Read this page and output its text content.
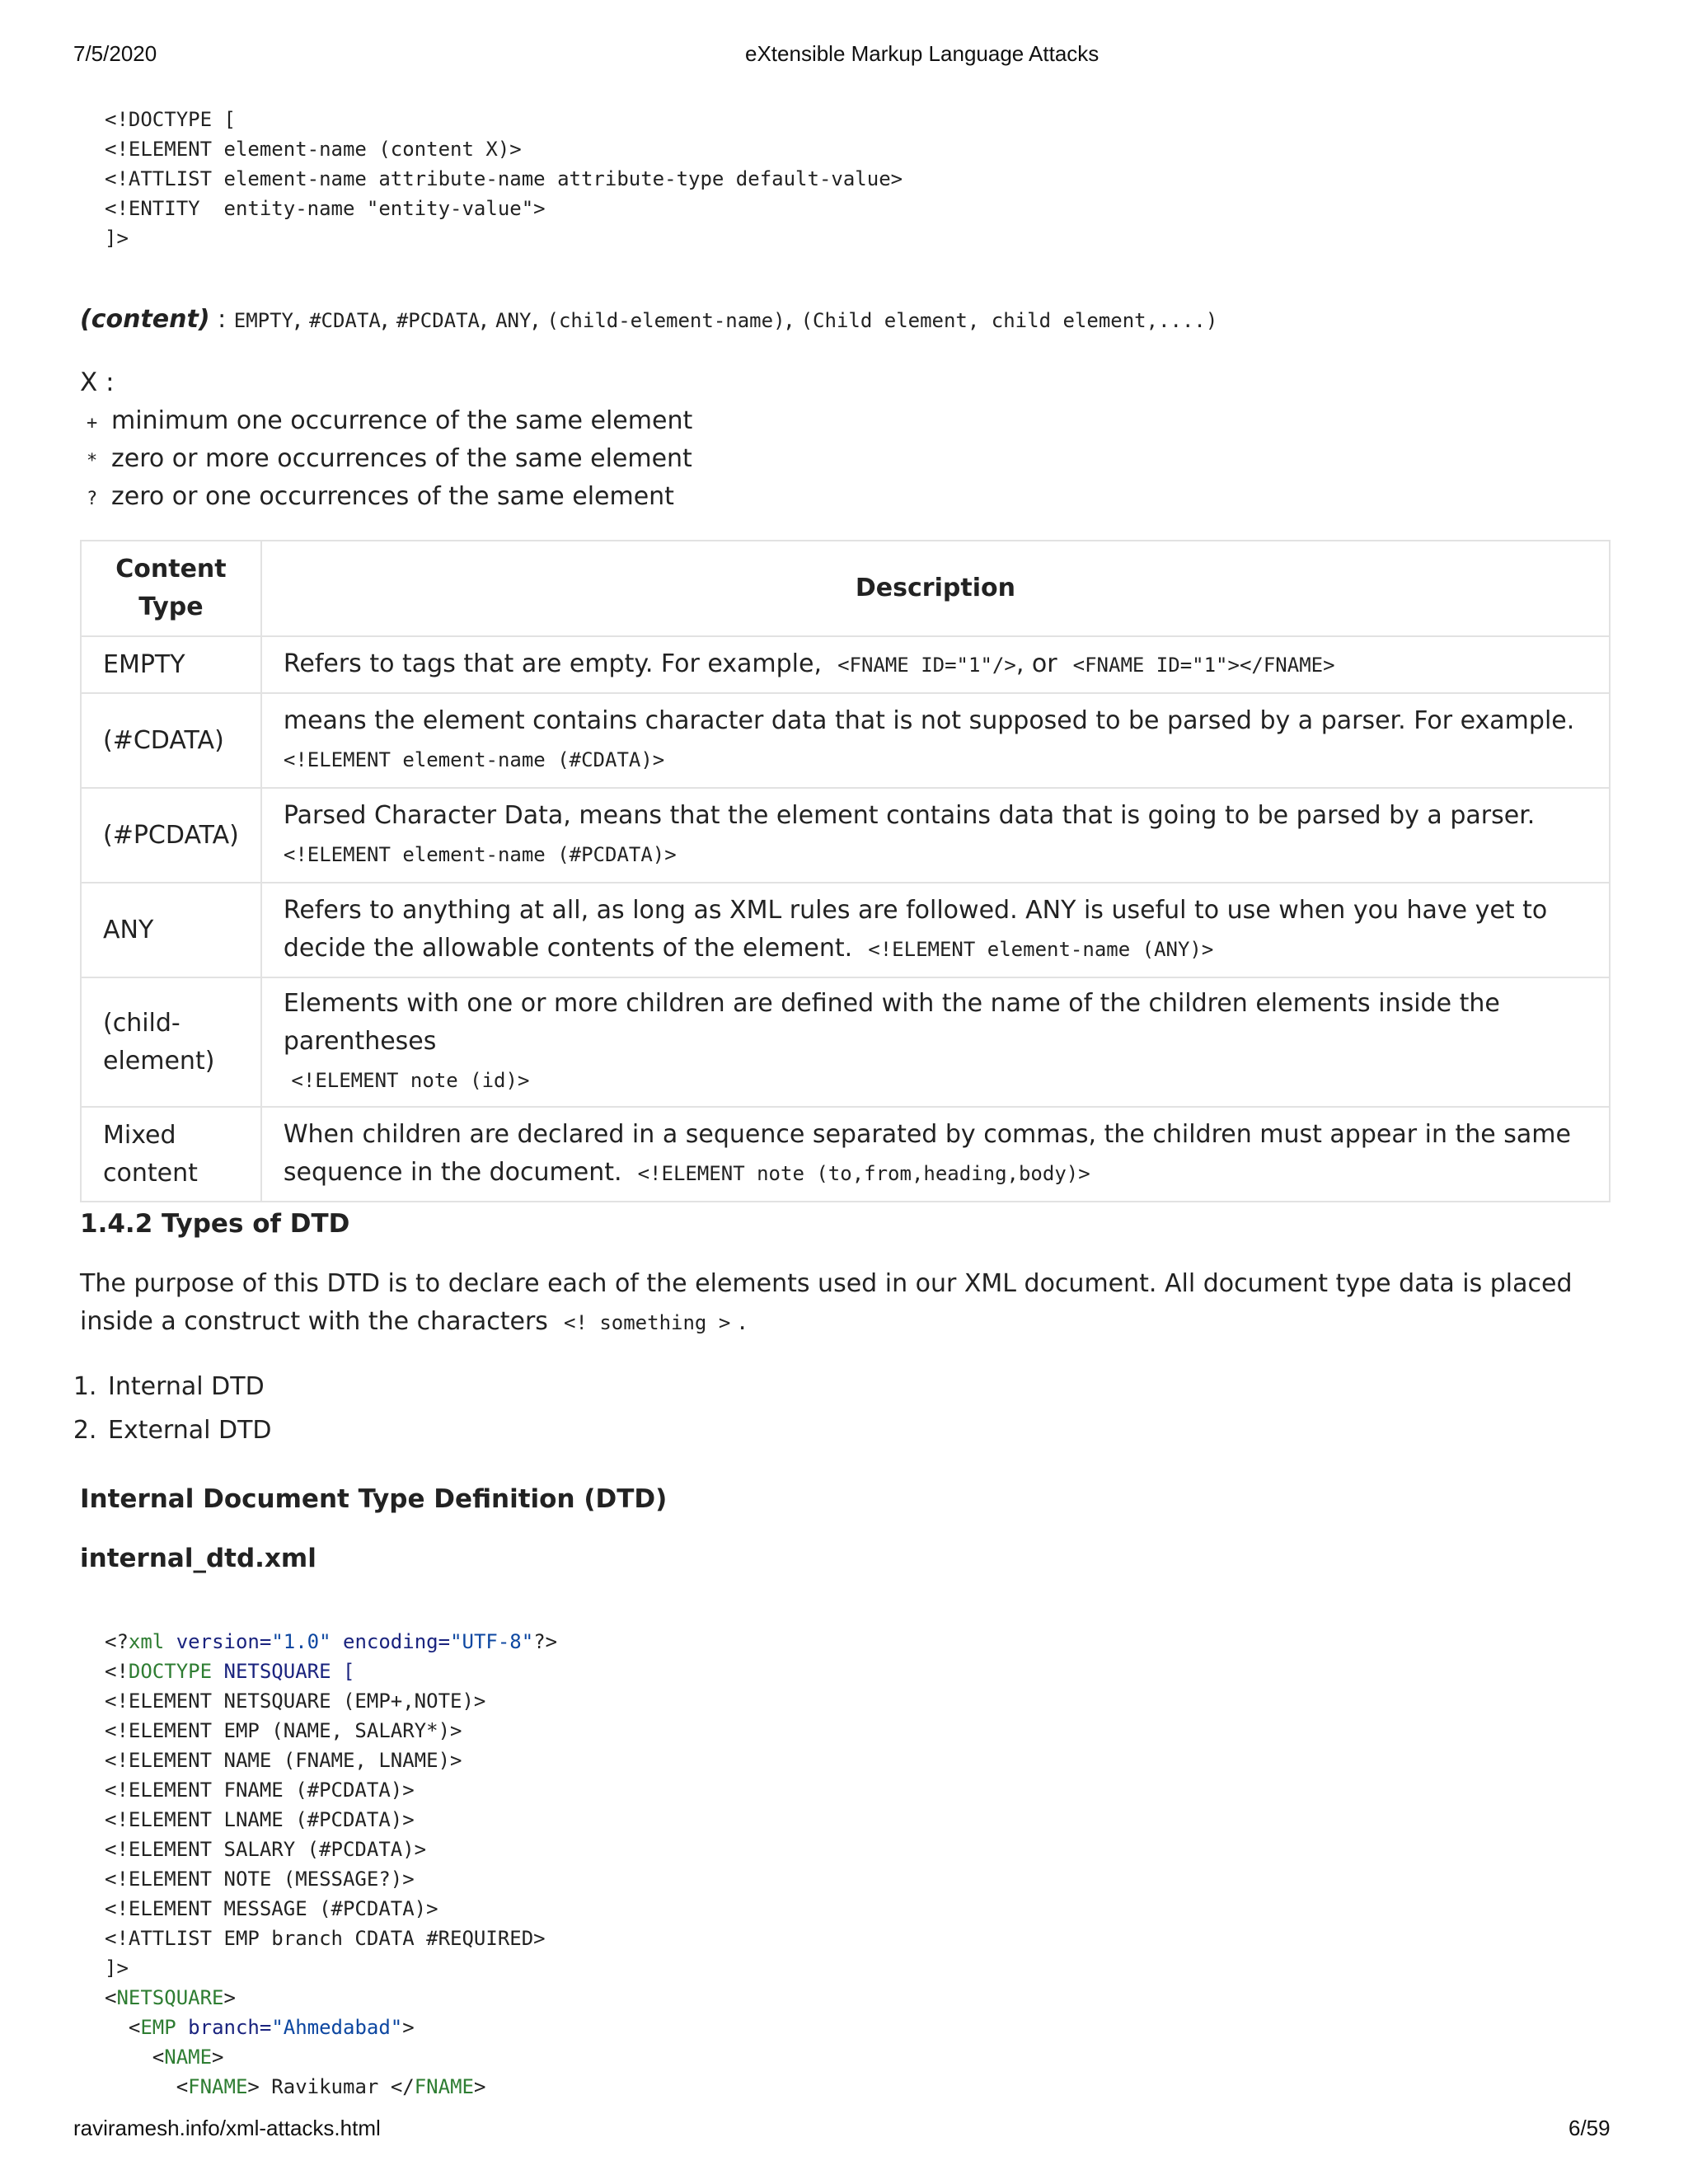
7/5/2020	eXtensible Markup Language Attacks
raviramesh.info/xml-attacks.html	6/59
<!DOCTYPE [
<!ELEMENT element-name (content X)>
<!ATTLIST element-name attribute-name attribute-type default-value>
<!ENTITY  entity-name "entity-value">
]>
(content) : EMPTY, #CDATA, #PCDATA, ANY, (child-element-name), (Child element, child element,....)
X :
+ minimum one occurrence of the same element
* zero or more occurrences of the same element
? zero or one occurrences of the same element
Content Type	Description
EMPTY	Refers to tags that are empty. For example, <FNAME ID="1"/>, or <FNAME ID="1"></FNAME>
(#CDATA)	means the element contains character data that is not supposed to be parsed by a parser. For example.  <!ELEMENT element-name (#CDATA)>
(#PCDATA)	Parsed Character Data, means that the element contains data that is going to be parsed by a parser.  <!ELEMENT element-name (#PCDATA)>
ANY	Refers to anything at all, as long as XML rules are followed. ANY is useful to use when you have yet to decide the allowable contents of the element. <!ELEMENT element-name (ANY)>
(child-element)	Elements with one or more children are defined with the name of the children elements inside the parentheses
<!ELEMENT note (id)>
Mixed content	When children are declared in a sequence separated by commas, the children must appear in the same sequence in the document. <!ELEMENT note (to,from,heading,body)>
1.4.2 Types of DTD
The purpose of this DTD is to declare each of the elements used in our XML document. All document type data is placed inside a construct with the characters <! something > .
1. Internal DTD
2. External DTD
Internal Document Type Definition (DTD)
internal_dtd.xml
<?xml version="1.0" encoding="UTF-8"?>
<!DOCTYPE NETSQUARE [
<!ELEMENT NETSQUARE (EMP+,NOTE)>
<!ELEMENT EMP (NAME, SALARY*)>
<!ELEMENT NAME (FNAME, LNAME)>
<!ELEMENT FNAME (#PCDATA)>
<!ELEMENT LNAME (#PCDATA)>
<!ELEMENT SALARY (#PCDATA)>
<!ELEMENT NOTE (MESSAGE?)>
<!ELEMENT MESSAGE (#PCDATA)>
<!ATTLIST EMP branch CDATA #REQUIRED>
]>
<NETSQUARE>
<EMP branch="Ahmedabad">
<NAME>
<FNAME> Ravikumar </FNAME>
